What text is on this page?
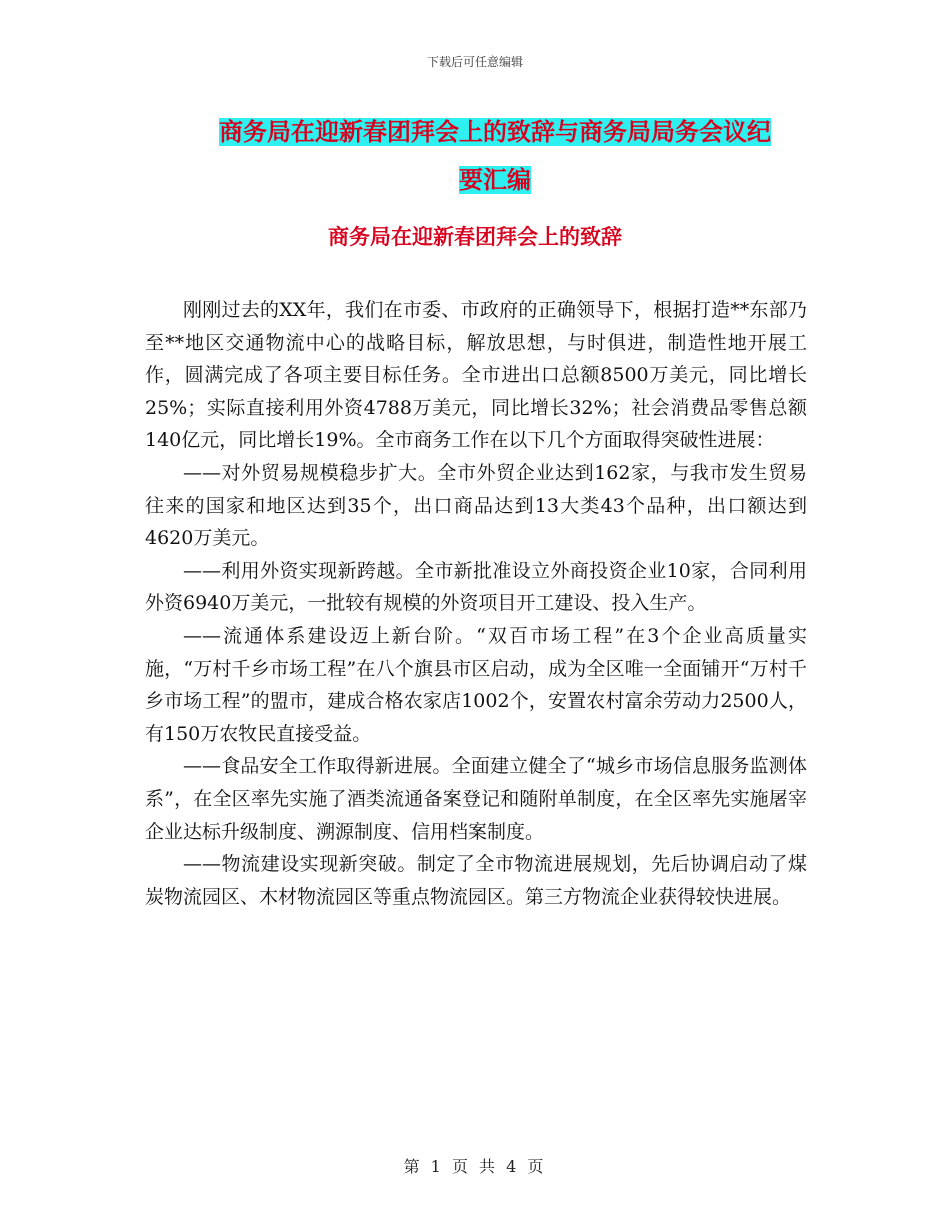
下载后可任意编辑
商务局在迎新春团拜会上的致辞与商务局局务会议纪
要汇编
商务局在迎新春团拜会上的致辞

刚刚过去的XX年，我们在市委、市政府的正确领导下，根据打造**东部乃至**地区交通物流中心的战略目标，解放思想，与时俱进，制造性地开展工作，圆满完成了各项主要目标任务。全市进出口总额8500万美元，同比增长25%；实际直接利用外资4788万美元，同比增长32%；社会消费品零售总额140亿元，同比增长19%。全市商务工作在以下几个方面取得突破性进展：

——对外贸易规模稳步扩大。全市外贸企业达到162家，与我市发生贸易往来的国家和地区达到35个，出口商品达到13大类43个品种，出口额达到4620万美元。

——利用外资实现新跨越。全市新批准设立外商投资企业10家，合同利用外资6940万美元，一批较有规模的外资项目开工建设、投入生产。

——流通体系建设迈上新台阶。“双百市场工程”在3个企业高质量实施，“万村千乡市场工程”在八个旗县市区启动，成为全区唯一全面铺开“万村千乡市场工程”的盟市，建成合格农家店1002个，安置农村富余劳动力2500人，有150万农牧民直接受益。

——食品安全工作取得新进展。全面建立健全了“城乡市场信息服务监测体系”，在全区率先实施了酒类流通备案登记和随附单制度，在全区率先实施屠宰企业达标升级制度、溯源制度、信用档案制度。

——物流建设实现新突破。制定了全市物流进展规划，先后协调启动了煤炭物流园区、木材物流园区等重点物流园区。第三方物流企业获得较快进展。

第 1 页 共 4 页
